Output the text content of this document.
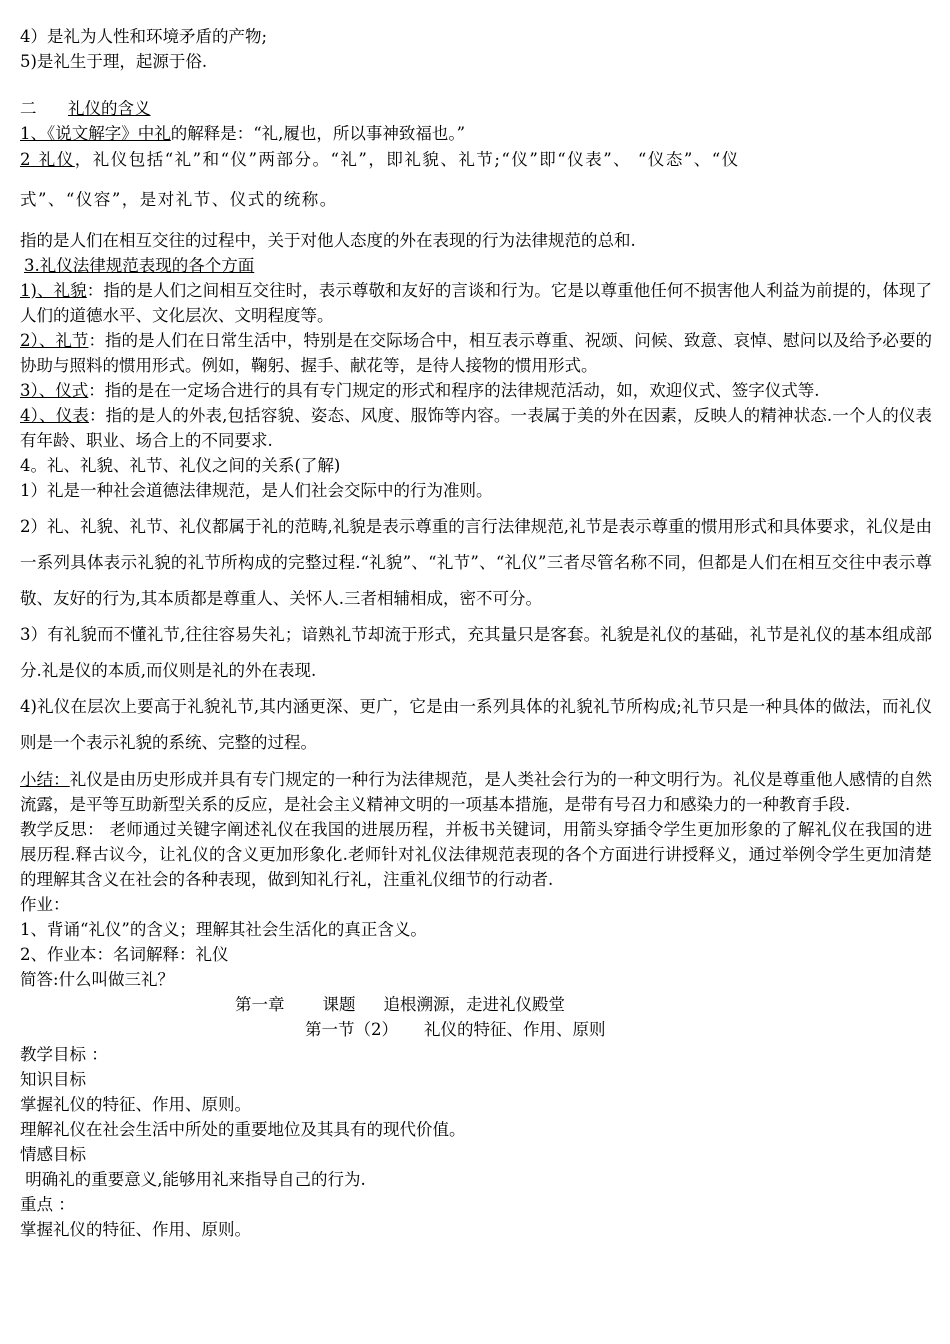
4）是礼为人性和环境矛盾的产物;
5)是礼生于理，起源于俗.
二 礼仪的含义
1、《说文解字》中礼的解释是：“礼,履也，所以事神致福也。”
2 礼仪，礼仪包括“礼”和“仪”两部分。“礼”，即礼貌、礼节;“仪”即“仪表”、 “仪态”、“仪
式”、“仪容”，是对礼节、仪式的统称。
指的是人们在相互交往的过程中，关于对他人态度的外在表现的行为法律规范的总和.
3.礼仪法律规范表现的各个方面
1)、礼貌：指的是人们之间相互交往时，表示尊敬和友好的言谈和行为。它是以尊重他任何不损害他人利益为前提的，体现了人们的道德水平、文化层次、文明程度等。
2）、礼节：指的是人们在日常生活中，特别是在交际场合中，相互表示尊重、祝颂、问候、致意、哀悼、慰问以及给予必要的协助与照料的惯用形式。例如，鞠躬、握手、献花等，是待人接物的惯用形式。
3）、仪式：指的是在一定场合进行的具有专门规定的形式和程序的法律规范活动，如，欢迎仪式、签字仪式等.
4）、仪表：指的是人的外表,包括容貌、姿态、风度、服饰等内容。一表属于美的外在因素，反映人的精神状态.一个人的仪表有年龄、职业、场合上的不同要求.
4。礼、礼貌、礼节、礼仪之间的关系(了解)
1）礼是一种社会道德法律规范，是人们社会交际中的行为准则。
2）礼、礼貌、礼节、礼仪都属于礼的范畴,礼貌是表示尊重的言行法律规范,礼节是表示尊重的惯用形式和具体要求，礼仪是由一系列具体表示礼貌的礼节所构成的完整过程.“礼貌”、“礼节”、“礼仪”三者尽管名称不同，但都是人们在相互交往中表示尊敬、友好的行为,其本质都是尊重人、关怀人.三者相辅相成，密不可分。
3）有礼貌而不懂礼节,往往容易失礼；谙熟礼节却流于形式，充其量只是客套。礼貌是礼仪的基础，礼节是礼仪的基本组成部分.礼是仪的本质,而仪则是礼的外在表现.
4)礼仪在层次上要高于礼貌礼节,其内涵更深、更广，它是由一系列具体的礼貌礼节所构成;礼节只是一种具体的做法，而礼仪则是一个表示礼貌的系统、完整的过程。
小结：礼仪是由历史形成并具有专门规定的一种行为法律规范，是人类社会行为的一种文明行为。礼仪是尊重他人感情的自然流露，是平等互助新型关系的反应，是社会主义精神文明的一项基本措施，是带有号召力和感染力的一种教育手段.
教学反思： 老师通过关键字阐述礼仪在我国的进展历程，并板书关键词，用箭头穿插令学生更加形象的了解礼仪在我国的进展历程.释古议今，让礼仪的含义更加形象化.老师针对礼仪法律规范表现的各个方面进行讲授释义，通过举例令学生更加清楚的理解其含义在社会的各种表现，做到知礼行礼，注重礼仪细节的行动者.
作业：
1、背诵“礼仪”的含义；理解其社会生活化的真正含义。
2、作业本：名词解释：礼仪
简答:什么叫做三礼？
第一章 课题 追根溯源，走进礼仪殿堂
第一节（2） 礼仪的特征、作用、原则
教学目标 ：
知识目标
掌握礼仪的特征、作用、原则。
理解礼仪在社会生活中所处的重要地位及其具有的现代价值。
情感目标
明确礼的重要意义,能够用礼来指导自己的行为.
重点 ：
掌握礼仪的特征、作用、原则。
